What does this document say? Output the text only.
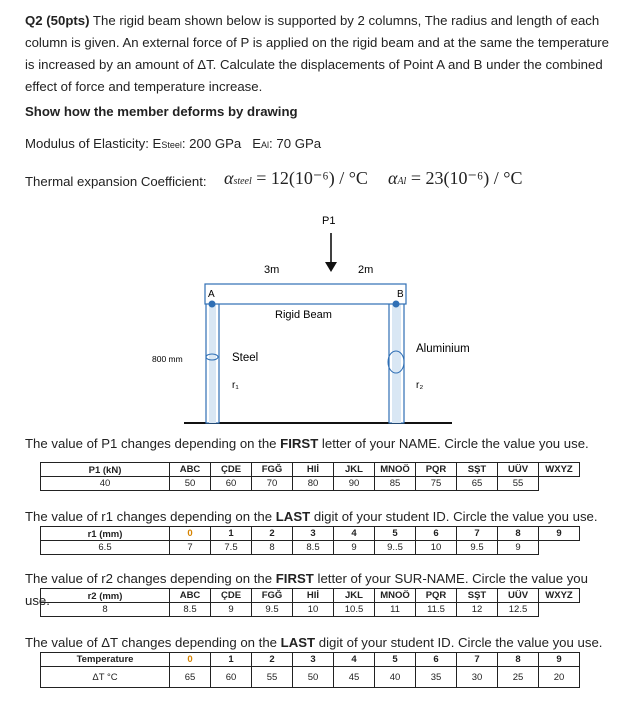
Q2 (50pts) The rigid beam shown below is supported by 2 columns, The radius and length of each column is given. An external force of P is applied on the rigid beam and at the same the temperature is increased by an amount of ΔT. Calculate the displacements of Point A and B under the combined effect of force and temperature increase.

Show how the member deforms by drawing

Modulus of Elasticity: ESteel: 200 GPa EAl: 70 GPa

Thermal expansion Coefficient: αsteel = 12(10⁻⁶) / °C αAl = 23(10⁻⁶) / °C
P1
3m	2m
A	B
Rigid Beam
800 mm	Steel
Aluminium
r₁	r₂

The value of P1 changes depending on the FIRST letter of your NAME. Circle the value you use.

P1 (kN)	ABC	ÇDE	FGĞ	HIİ	JKL	MNOÖ	PQR	SŞT	UÜV	WXYZ
40	50	60	70	80	90	85	75	65	55	

The value of r1 changes depending on the LAST digit of your student ID. Circle the value you use.

r1 (mm)	0	1	2	3	4	5	6	7	8	9
6.5	7	7.5	8	8.5	9	9..5	10	9.5	9	

The value of r2 changes depending on the FIRST letter of your SUR-NAME. Circle the value you use.	r2 (mm)	ABC	ÇDE	FGĞ	HIİ	JKL	MNOÖ	PQR	SŞT	UÜV	WXYZ
8	8.5	9	9.5	10	10.5	11	11.5	12	12.5	

The value of ΔT changes depending on the LAST digit of your student ID. Circle the value you use.

Temperature	0	1	2	3	4	5	6	7	8	9
ΔT °C	65	60	55	50	45	40	35	30	25	20
